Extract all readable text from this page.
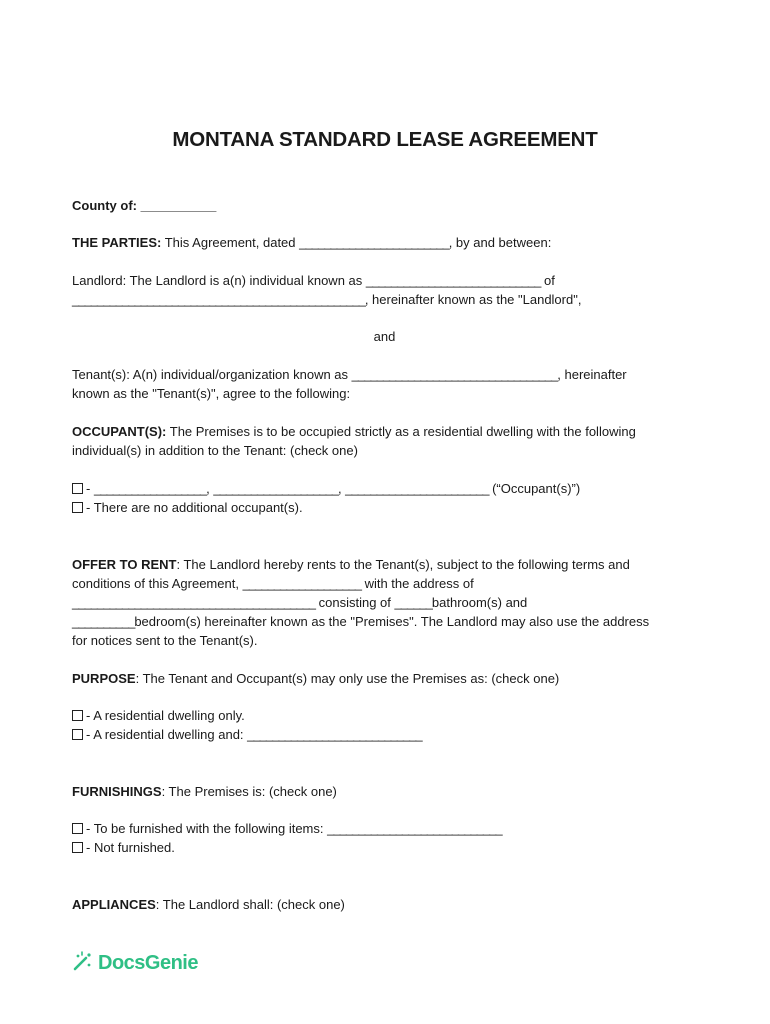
MONTANA STANDARD LEASE AGREEMENT
County of: ____________
THE PARTIES: This Agreement, dated ________________________, by and between:
Landlord: The Landlord is a(n) individual known as ____________________________ of
_______________________________________________, hereinafter known as the "Landlord",
and
Tenant(s): A(n) individual/organization known as _________________________________, hereinafter
known as the "Tenant(s)", agree to the following:
OCCUPANT(S): The Premises is to be occupied strictly as a residential dwelling with the following
individual(s) in addition to the Tenant: (check one)
- __________________, ____________________, _______________________ (“Occupant(s)”)
- There are no additional occupant(s).
OFFER TO RENT: The Landlord hereby rents to the Tenant(s), subject to the following terms and
conditions of this Agreement, ___________________ with the address of
_______________________________________ consisting of ______bathroom(s) and
__________bedroom(s) hereinafter known as the "Premises". The Landlord may also use the address
for notices sent to the Tenant(s).
PURPOSE: The Tenant and Occupant(s) may only use the Premises as: (check one)
- A residential dwelling only.
- A residential dwelling and: ____________________________
FURNISHINGS: The Premises is: (check one)
- To be furnished with the following items: ____________________________
- Not furnished.
APPLIANCES: The Landlord shall: (check one)
DocsGenie
